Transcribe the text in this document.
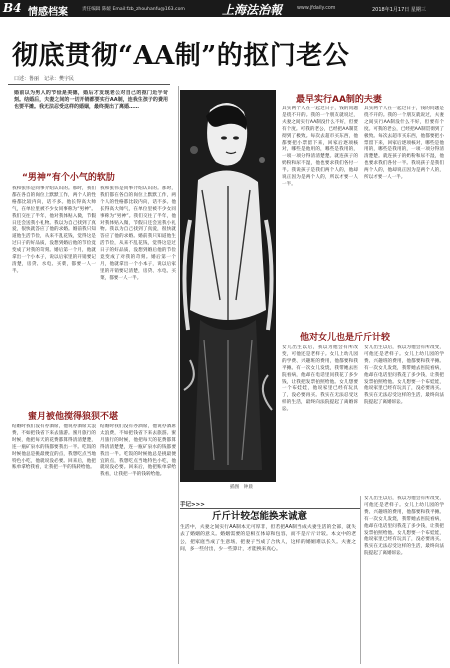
B4 情感档案	责任编辑 陈媛 Email:fzb_zhouhanfu@163.com	上海法治報	www.jfdaily.com	2018年1月17日 星期三
彻底贯彻“AA制”的抠门老公
口述：鲁丽　记录：樊宇民
婚前以为男人的节俭是美德，婚后才发现老公对自己的抠门近乎苛刻。结婚后，夫妻之间的一切开销都要实行AA制，连我生孩子的费用也要平摊。我无法忍受这样的婚姻，最终提出了离婚……
“男神”有个小气的软肋
我和张伟是同事介绍认识的。那时，我们都在各自的岗位上默默工作，两个人的性格都比较内向，话不多。他长得高大帅气，在单位里被不少女同事称为“男神”。我们交往了半年，他对我体贴入微，节假日还会送我小礼物。我以为自己找到了真爱，很快就答应了他的求婚。婚前我只知道他生活节俭，从来不乱花钱，觉得这是过日子的好品质，没想到婚后他的节俭竟变成了对我的苛刻。婚后第一个月，他就拿出一个小本子，说以后家里的开销要记清楚，房贷、水电、买菜，都要一人一半。
我和张伟是同事介绍认识的。那时，我们都在各自的岗位上默默工作，两个人的性格都比较内向，话不多。他长得高大帅气，在单位里被不少女同事称为“男神”。我们交往了半年，他对我体贴入微，节假日还会送我小礼物。我以为自己找到了真爱，很快就答应了他的求婚。婚前我只知道他生活节俭，从来不乱花钱，觉得这是过日子的好品质，没想到婚后他的节俭竟变成了对我的苛刻。婚后第一个月，他就拿出一个小本子，说以后家里的开销要记清楚，房贷、水电、买菜，都要一人一半。
蜜月被他搅得狼狈不堪
结婚时我们没有办酒席，他说办酒席太浪费，不如把钱省下来去旅游。蜜月旅行的时候，他把每天的花费都算得清清楚楚，连一瓶矿泉水的钱都要我出一半。吃饭的时候他总是挑最便宜的点，我想吃点当地特色小吃，他就说没必要。回来后，他把账单拿给我看，让我把一半的钱转给他。
结婚时我们没有办酒席，他说办酒席太浪费，不如把钱省下来去旅游。蜜月旅行的时候，他把每天的花费都算得清清楚楚，连一瓶矿泉水的钱都要我出一半。吃饭的时候他总是挑最便宜的点，我想吃点当地特色小吃，他就说没必要。回来后，他把账单拿给我看，让我把一半的钱转给他。
插图　钟晨
最早实行AA制的夫妻
其实两个人在一起过日子，钱的问题是绕不开的。我的一个朋友就说过，夫妻之间实行AA制没什么不好，但要有个度。可我的老公，已经把AA制贯彻到了极致。每次去超市买东西，他都要把小票留下来，回家后逐项核对，哪些是他用的，哪些是我用的，一项一项分得清清楚楚。就连孩子的奶粉和尿不湿，他也要求我们各付一半。我说孩子是我们两个人的，他却说正因为是两个人的，所以才要一人一半。
其实两个人在一起过日子，钱的问题是绕不开的。我的一个朋友就说过，夫妻之间实行AA制没什么不好，但要有个度。可我的老公，已经把AA制贯彻到了极致。每次去超市买东西，他都要把小票留下来，回家后逐项核对，哪些是他用的，哪些是我用的，一项一项分得清清楚楚。就连孩子的奶粉和尿不湿，他也要求我们各付一半。我说孩子是我们两个人的，他却说正因为是两个人的，所以才要一人一半。
他对女儿也是斤斤计较
女儿出生以后，我以为他会有所改变，可他还是老样子。女儿上幼儿园的学费、兴趣班的费用，他都要和我平摊。有一次女儿发烧，我带她去医院看病，他却在电话里问我花了多少钱，让我把发票拍照给他。女儿想要一个布娃娃，他说家里已经有玩具了，没必要再买。我实在无法忍受这样的生活，最终向法院提起了离婚诉讼。
女儿出生以后，我以为他会有所改变，可他还是老样子。女儿上幼儿园的学费、兴趣班的费用，他都要和我平摊。有一次女儿发烧，我带她去医院看病，他却在电话里问我花了多少钱，让我把发票拍照给他。女儿想要一个布娃娃，他说家里已经有玩具了，没必要再买。我实在无法忍受这样的生活，最终向法院提起了离婚诉讼。
手记>>>
斤斤计较怎能换来诚意
生活中，夫妻之间实行AA制本无可厚非，但若把AA制当成夫妻生活的全部，就失去了婚姻的意义。婚姻需要的是相互体谅和包容，而不是斤斤计较。本文中的老公，把家庭当成了生意场，把妻子当成了合伙人，这样的婚姻难以长久。夫妻之间，多一些付出，少一些算计，才能换来真心。
女儿出生以后，我以为他会有所改变，可他还是老样子。女儿上幼儿园的学费、兴趣班的费用，他都要和我平摊。有一次女儿发烧，我带她去医院看病，他却在电话里问我花了多少钱，让我把发票拍照给他。女儿想要一个布娃娃，他说家里已经有玩具了，没必要再买。我实在无法忍受这样的生活，最终向法院提起了离婚诉讼。
